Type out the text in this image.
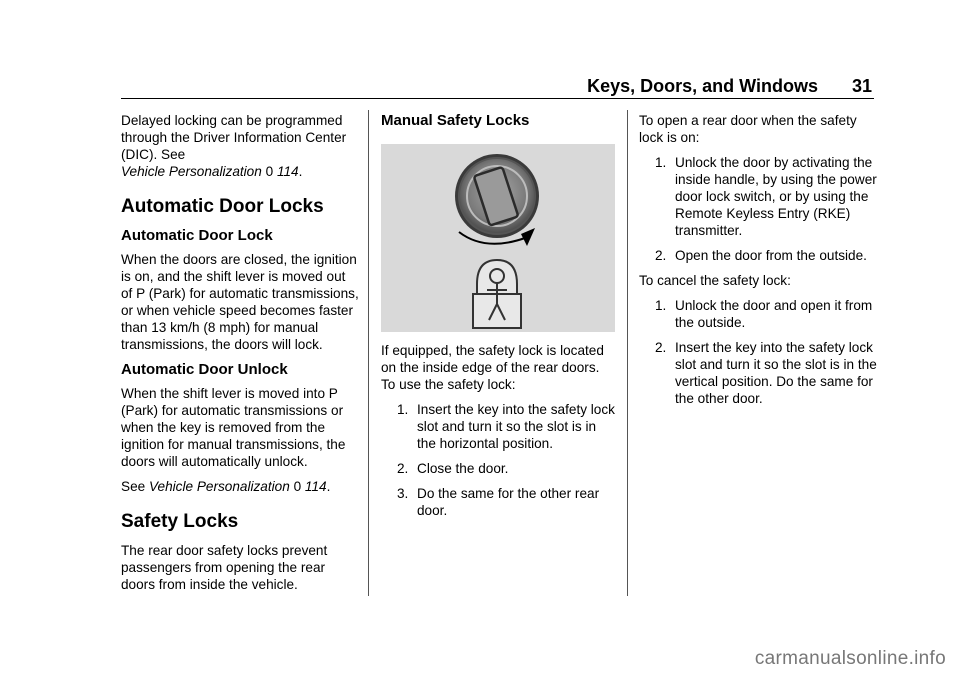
Keys, Doors, and Windows 31

Delayed locking can be programmed through the Driver Information Center (DIC). See
Vehicle Personalization 0 114.

Automatic Door Locks
Automatic Door Lock

When the doors are closed, the ignition is on, and the shift lever is moved out of P (Park) for automatic transmissions, or when vehicle speed becomes faster than 13 km/h (8 mph) for manual transmissions, the doors will lock.

Automatic Door Unlock

When the shift lever is moved into P (Park) for automatic transmissions or when the key is removed from the ignition for manual transmissions, the doors will automatically unlock.

See Vehicle Personalization 0 114.

Safety Locks

The rear door safety locks prevent passengers from opening the rear doors from inside the vehicle.

Manual Safety Locks

If equipped, the safety lock is located on the inside edge of the rear doors. To use the safety lock:

1. Insert the key into the safety lock slot and turn it so the slot is in the horizontal position.
2. Close the door.
3. Do the same for the other rear door.

To open a rear door when the safety lock is on:

1. Unlock the door by activating the inside handle, by using the power door lock switch, or by using the Remote Keyless Entry (RKE) transmitter.
2. Open the door from the outside.

To cancel the safety lock:

1. Unlock the door and open it from the outside.
2. Insert the key into the safety lock slot and turn it so the slot is in the vertical position. Do the same for the other door.
carmanualsonline.info
